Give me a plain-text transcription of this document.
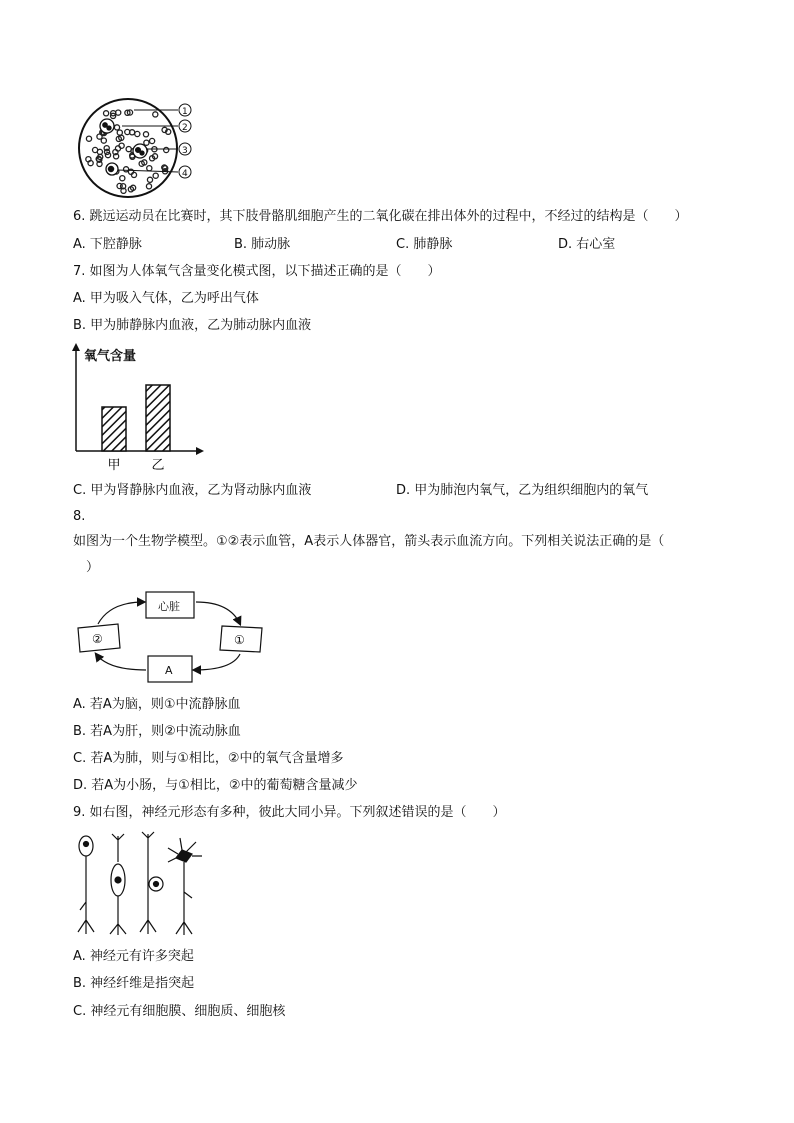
1
2
3
4
6. 跳远运动员在比赛时，其下肢骨骼肌细胞产生的二氧化碳在排出体外的过程中，不经过的结构是（　　）
A. 下腔静脉	B. 肺动脉	C. 肺静脉	D. 右心室
7. 如图为人体氧气含量变化模式图，以下描述正确的是（　　）
A. 甲为吸入气体，乙为呼出气体
B. 甲为肺静脉内血液，乙为肺动脉内血液
氧气含量
甲 乙
C. 甲为肾静脉内血液，乙为肾动脉内血液	D. 甲为肺泡内氧气，乙为组织细胞内的氧气
8.
如图为一个生物学模型。①②表示血管，A表示人体器官，箭头表示血流方向。下列相关说法正确的是（
　）
心脏
①
②
A
A. 若A为脑，则①中流静脉血
B. 若A为肝，则②中流动脉血
C. 若A为肺，则与①相比，②中的氧气含量增多
D. 若A为小肠，与①相比，②中的葡萄糖含量减少
9. 如右图，神经元形态有多种，彼此大同小异。下列叙述错误的是（　　）
A. 神经元有许多突起
B. 神经纤维是指突起
C. 神经元有细胞膜、细胞质、细胞核
